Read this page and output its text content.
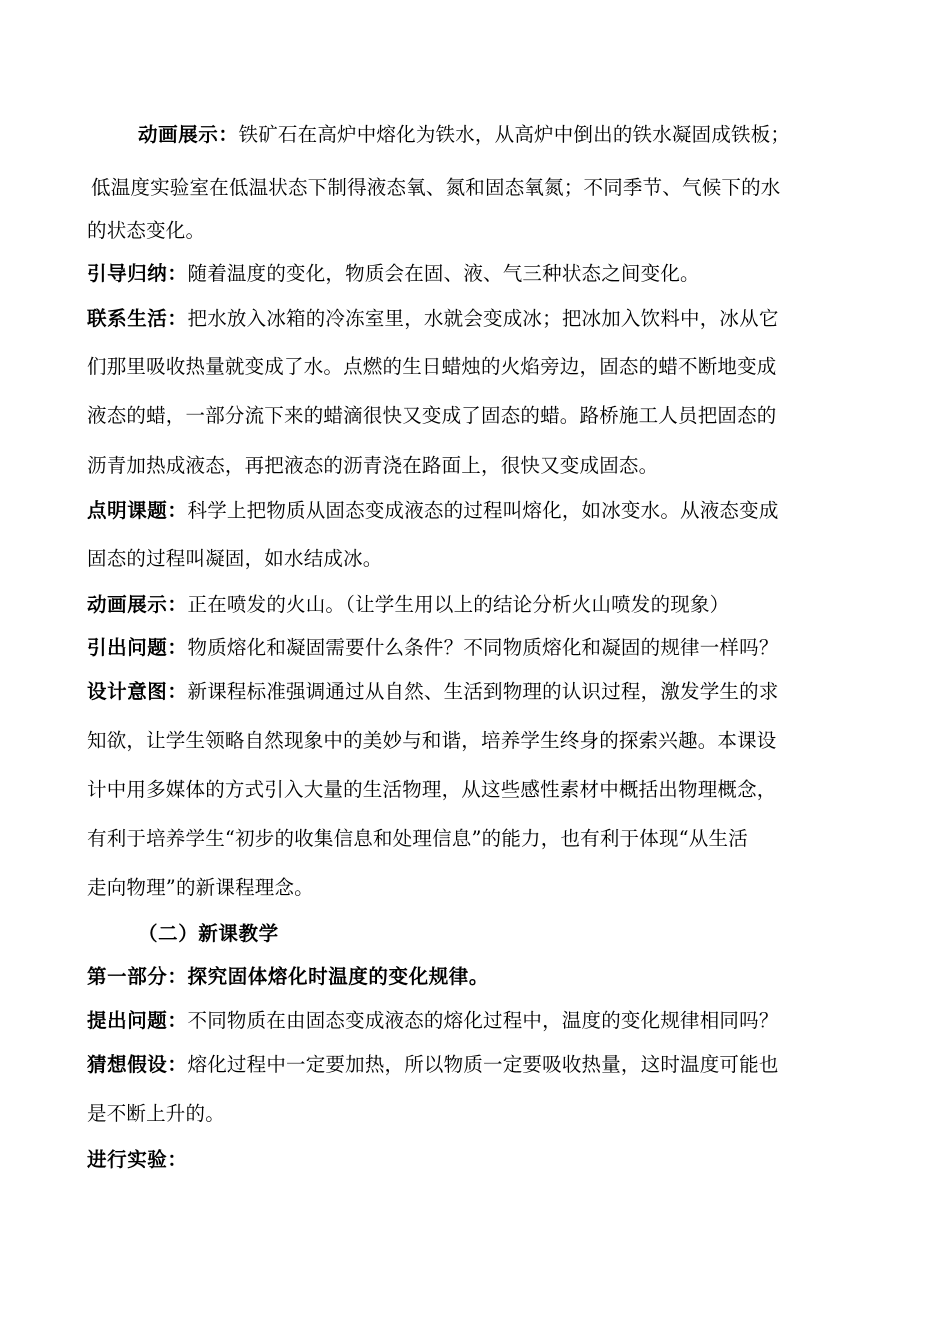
动画展示：铁矿石在高炉中熔化为铁水，从高炉中倒出的铁水凝固成铁板；
低温度实验室在低温状态下制得液态氧、氮和固态氧氮；不同季节、气候下的水
的状态变化。
引导归纳：随着温度的变化，物质会在固、液、气三种状态之间变化。
联系生活：把水放入冰箱的冷冻室里，水就会变成冰；把冰加入饮料中，冰从它
们那里吸收热量就变成了水。点燃的生日蜡烛的火焰旁边，固态的蜡不断地变成
液态的蜡，一部分流下来的蜡滴很快又变成了固态的蜡。路桥施工人员把固态的
沥青加热成液态，再把液态的沥青浇在路面上，很快又变成固态。
点明课题：科学上把物质从固态变成液态的过程叫熔化，如冰变水。从液态变成
固态的过程叫凝固，如水结成冰。
动画展示：正在喷发的火山。（让学生用以上的结论分析火山喷发的现象）
引出问题：物质熔化和凝固需要什么条件？不同物质熔化和凝固的规律一样吗？
设计意图：新课程标准强调通过从自然、生活到物理的认识过程，激发学生的求
知欲，让学生领略自然现象中的美妙与和谐，培养学生终身的探索兴趣。本课设
计中用多媒体的方式引入大量的生活物理，从这些感性素材中概括出物理概念，
有利于培养学生“初步的收集信息和处理信息”的能力，也有利于体现“从生活
走向物理”的新课程理念。
（二）新课教学
第一部分：探究固体熔化时温度的变化规律。
提出问题：不同物质在由固态变成液态的熔化过程中，温度的变化规律相同吗？
猜想假设：熔化过程中一定要加热，所以物质一定要吸收热量，这时温度可能也
是不断上升的。
进行实验：
